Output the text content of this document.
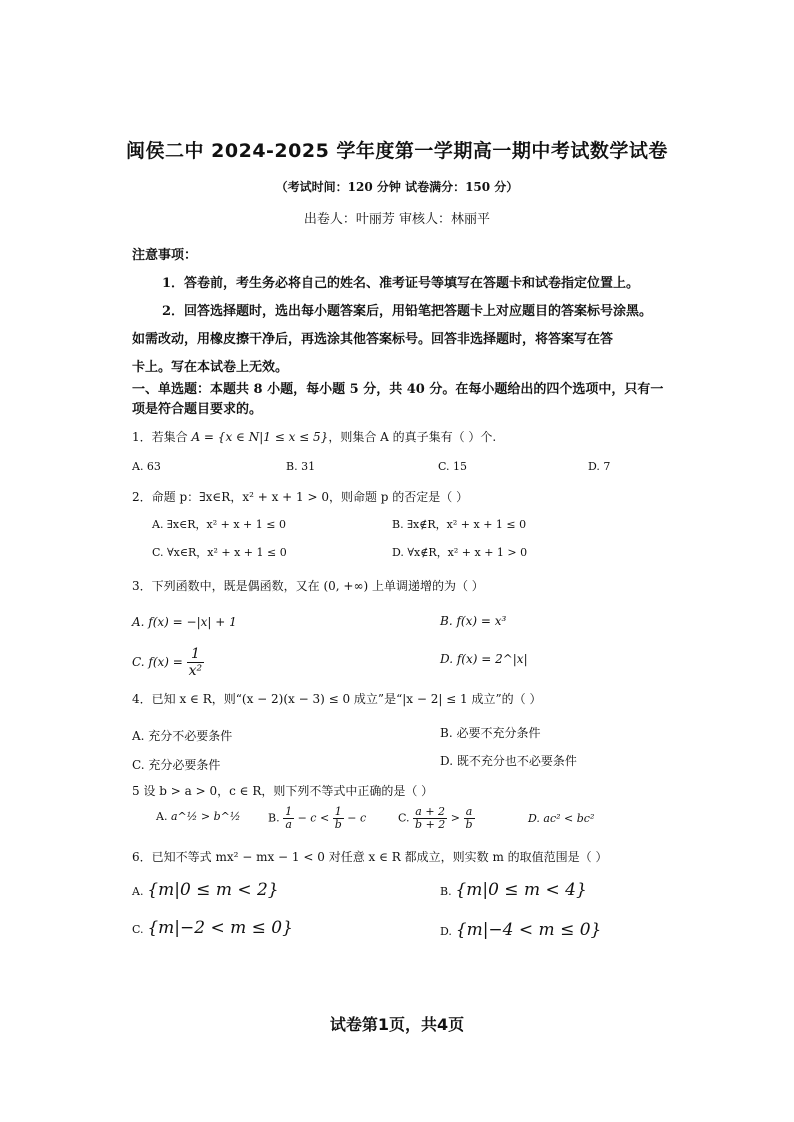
闽侯二中 2024-2025 学年度第一学期高一期中考试数学试卷
（考试时间：120 分钟 试卷满分：150 分）
出卷人：叶丽芳 审核人：林丽平
注意事项：
1．答卷前，考生务必将自己的姓名、准考证号等填写在答题卡和试卷指定位置上。
2．回答选择题时，选出每小题答案后，用铅笔把答题卡上对应题目的答案标号涂黑。
如需改动，用橡皮擦干净后，再选涂其他答案标号。回答非选择题时，将答案写在答
卡上。写在本试卷上无效。
一、单选题：本题共 8 小题，每小题 5 分，共 40 分。在每小题给出的四个选项中，只有一
项是符合题目要求的。
1．若集合 A = {x ∈ N|1 ≤ x ≤ 5}，则集合 A 的真子集有（ ）个.
A. 63	B. 31	C. 15	D. 7
2．命题 p：∃x∈R，x² + x + 1 > 0，则命题 p 的否定是（ ）
A. ∃x∈R，x² + x + 1 ≤ 0	B. ∃x∉R，x² + x + 1 ≤ 0
C. ∀x∈R，x² + x + 1 ≤ 0	D. ∀x∉R，x² + x + 1 > 0
3．下列函数中，既是偶函数，又在 (0, +∞) 上单调递增的为（ ）
A. f(x) = −|x| + 1	B. f(x) = x³
C. $f(x) = \frac{1}{\text{x²}}$	D. f(x) = 2^|x|
4．已知 x ∈ R，则“(x − 2)(x − 3) ≤ 0 成立”是“|x − 2| ≤ 1 成立”的（ ）
A. 充分不必要条件	B. 必要不充分条件
C. 充分必要条件	D. 既不充分也不必要条件
5 设 b > a > 0，c ∈ R，则下列不等式中正确的是（ ）
A. a^½ > b^½ B. $\frac{1}{a} - c < \frac{1}{b} - c$	C. $\frac{a + 2}{b + 2} > \frac{a}{b}$	D. ac² < bc²
6．已知不等式 mx² − mx − 1 < 0 对任意 x ∈ R 都成立，则实数 m 的取值范围是（ ）
A. {m|0 ≤ m < 2}	B. {m|0 ≤ m < 4}
C. {m|−2 < m ≤ 0}	D. {m|−4 < m ≤ 0}
试卷第1页，共4页
